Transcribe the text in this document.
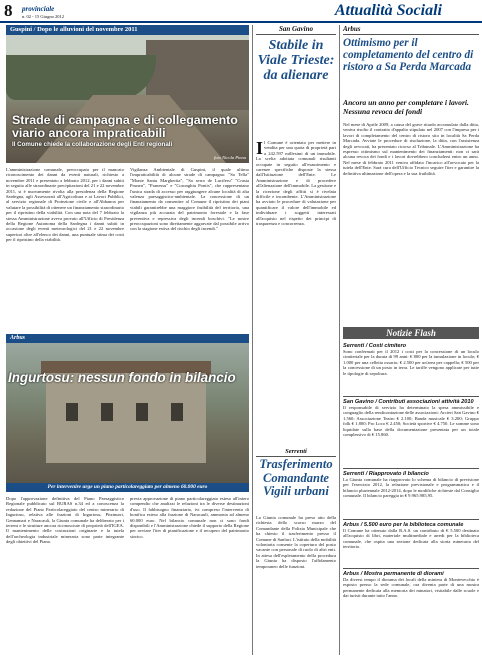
8 provinciale
n. 02 - 15 Giugno 2012	Attualità Sociali
Guspini / Dopo le alluvioni del novembre 2011
Strade di campagna e di collegamento viario ancora impraticabili
Il Comune chiede la collaborazione degli Enti regionali
foto Nicola Pinna
L'amministrazione comunale, preoccupata per il mancato riconoscimento dei danni da eventi naturali, richiesto a novembre 2011 e presentato a febbraio 2012, per i danni subiti in seguito alle straordinarie precipitazioni del 21 e 22 novembre 2011, si è nuovamente rivolta alla presidenza della Regione Sardegna, agli Assessorati all'Agricoltura e ai Lavori Pubblici, al servizio regionale di Protezione civile e all'Abbanoa per valutare la possibilità di ottenere un finanziamento straordinario per il ripristino della viabilità. Con una nota del 7 febbraio la stessa Amministrazione aveva provato all'Ufficio di Presidenza della Regione Autonoma della Sardegna i danni subiti in occasione degli eventi meteorologici del 21 e 22 novembre superiori oltre all'elenco dei danni, una puntuale stima dei costi per il ripristino della viabilità.
Vigilanza Ambientale di Guspini, il quale ultimo l'impraticabilità di alcune strade di campagna: "Sa Tella" "Monte Santu Margherita", "Sa serra de Luciferu" "Crasta Pruneu", "Pranessu" e "Coronghiu Pontis", che rappresentano l'unica strada di accesso per raggiungere alcune località di alta valenza paesaggistico-ambientale. La concessione di un finanziamento da consentire al Comune il ripristino dei piani viabili garantirebbe una maggiore fruibilità del territorio, una vigilanza più accurata del patrimonio forestale e la fase preventiva e repressiva degli incendi boschivi. "Le nostre preoccupazioni sono direttamente aggravate dal possibile arrivo con la stagione estiva del rischio degli incendi."
Arbus
Ingurtosu: nessun fondo in bilancio
Per intervenire urge un piano particolareggiato per almeno 60.000 euro
Dopo l'approvazione definitiva del Piano Paesaggistico Regionale pubblicato sul BURAS n.34 ed a conoscenza la redazione del Piano Particolareggiato del centro minerario di Ingurtosu, relativa alle frazioni di Ingurtosu, Pitzinurri, Gennamari e Naracauli, la Giunta comunale ha deliberato per i terreni e le strutture ancora riconosciute di proprietà dell'IGEA. Il mantenimento delle costruzioni originarie e la tutela dell'archeologia industriale mineraria sono parte integrante degli obiettivi del Piano.
previa approvazione di piano particolareggiato esteso all'intero compendio che analizzi le relazioni tra le diverse destinazioni d'uso. Il fabbisogno finanziario, ivi compreso l'intervento di bonifica esteso alla frazione di Naracauli, ammonta ad almeno 60.000 euro. Nel bilancio comunale non ci sono fondi disponibili e l'Amministrazione chiede il supporto della Regione per avviare l'iter di pianificazione e il recupero del patrimonio storico.
San Gavino
Stabile in Viale Trieste: da alienare
Il Comune è orientato per mettere in vendita per una quota di proprietà pari a 242.597 millesimi di un immobile. La scelta adottata comunali risultanti occupate in seguito all'esaurimento e carenze specifiche disposte la stessa dall'Istituzione dell'Ente. Le Amministrazione e di procedere all'alienazione dell'immobile. La gestione e la ricezione degli affitti si è rivelata difficile e incombente. L'Amministrazione ha avviato le procedure di valutazione per quantificare il valore dell'immobile ed individuare i soggetti interessati all'acquisto nel rispetto dei principi di trasparenza e concorrenza.
Serrenti
Trasferimento Comandante Vigili urbani
La Giunta comunale ha preso atto della richiesta dello scorso marzo del Comandante della Polizia Municipale che ha chiesto il trasferimento presso il Comune di Sanluri. L'istituto della mobilità volontaria consente la copertura del posto vacante con personale di ruolo di altri enti. In attesa dell'espletamento della procedura la Giunta ha disposto l'affidamento temporaneo delle funzioni.
Arbus
Ottimismo per il completamento del centro di ristoro a Sa Perda Marcada
Ancora un anno per completare i lavori. Nessuna revoca dei fondi
Nel mese di Aprile 2009, a causa del grave ritardo accumulato dalla ditta, veniva risolto il contratto d'appalto stipulato nel 2007 con l'impresa per i lavori di completamento del centro di ristoro sito in località Sa Perda Marcada. Avviate le procedure di risoluzione, la ditta, con l'assistenza degli avvocati, ha presentato ricorso al Tribunale. L'Amministrazione ha espresso ottimismo sul mantenimento dei finanziamenti: non ci sarà alcuna revoca dei fondi e i lavori dovrebbero concludersi entro un anno. Nel mese di febbraio 2011 veniva affidato l'incarico all'avvocato per la tutela dell'Ente. Sarà cura dell'Ufficio Tecnico seguire l'iter e garantire la definitiva ultimazione dell'opera e la sua fruibilità.
Notizie Flash
Serrenti / Costi cimitero
Sono confermati per il 2012 i costi per la concessione di un loculo cimiteriale per la durata di 99 anni: € 800 per la tumulazione in loculo; € 1.000 per una celletta ossario; € 2.500 per un'area per cappella; € 500 per la concessione di un posto in terra. Le tariffe vengono applicate per tutte le tipologie di sepoltura.
San Gavino / Contributi associazioni attività 2010
Il responsabile di servizio ha determinato la spesa ammissibile e conguaglio della rendicontazione delle associazioni: Arcieri San Gavino € 1.560; Associazione Teatro € 2.100; Banda musicale € 3.200; Gruppo folk € 1.800; Pro Loco € 2.450; Società sportive € 4.750. Le somme sono liquidate sulla base della documentazione presentata per un totale complessivo di € 15.860.
Serrenti / Riapprovato il bilancio
La Giunta comunale ha riapprovato lo schema di bilancio di previsione per l'esercizio 2012, la relazione previsionale e programmatica e il bilancio pluriennale 2012-2014, dopo le modifiche richieste dal Consiglio comunale. Il bilancio pareggia in € 9.965.985,95.
Arbus / 5.500 euro per la biblioteca comunale
Il Comune ha ottenuto dalla R.A.S. un contributo di € 5.500 destinato all'acquisto di libri, materiale multimediale e arredi per la biblioteca comunale, che ospita una sezione dedicata alla storia mineraria del territorio.
Arbus / Mostra permanente di diorami
Da diversi tempo il diorama dei locali della miniera di Montevecchio è esposto presso la sede comunale, ora diventa parte di una mostra permanente dedicata alla memoria dei minatori, visitabile dalle scuole e dai turisti durante tutto l'anno.
